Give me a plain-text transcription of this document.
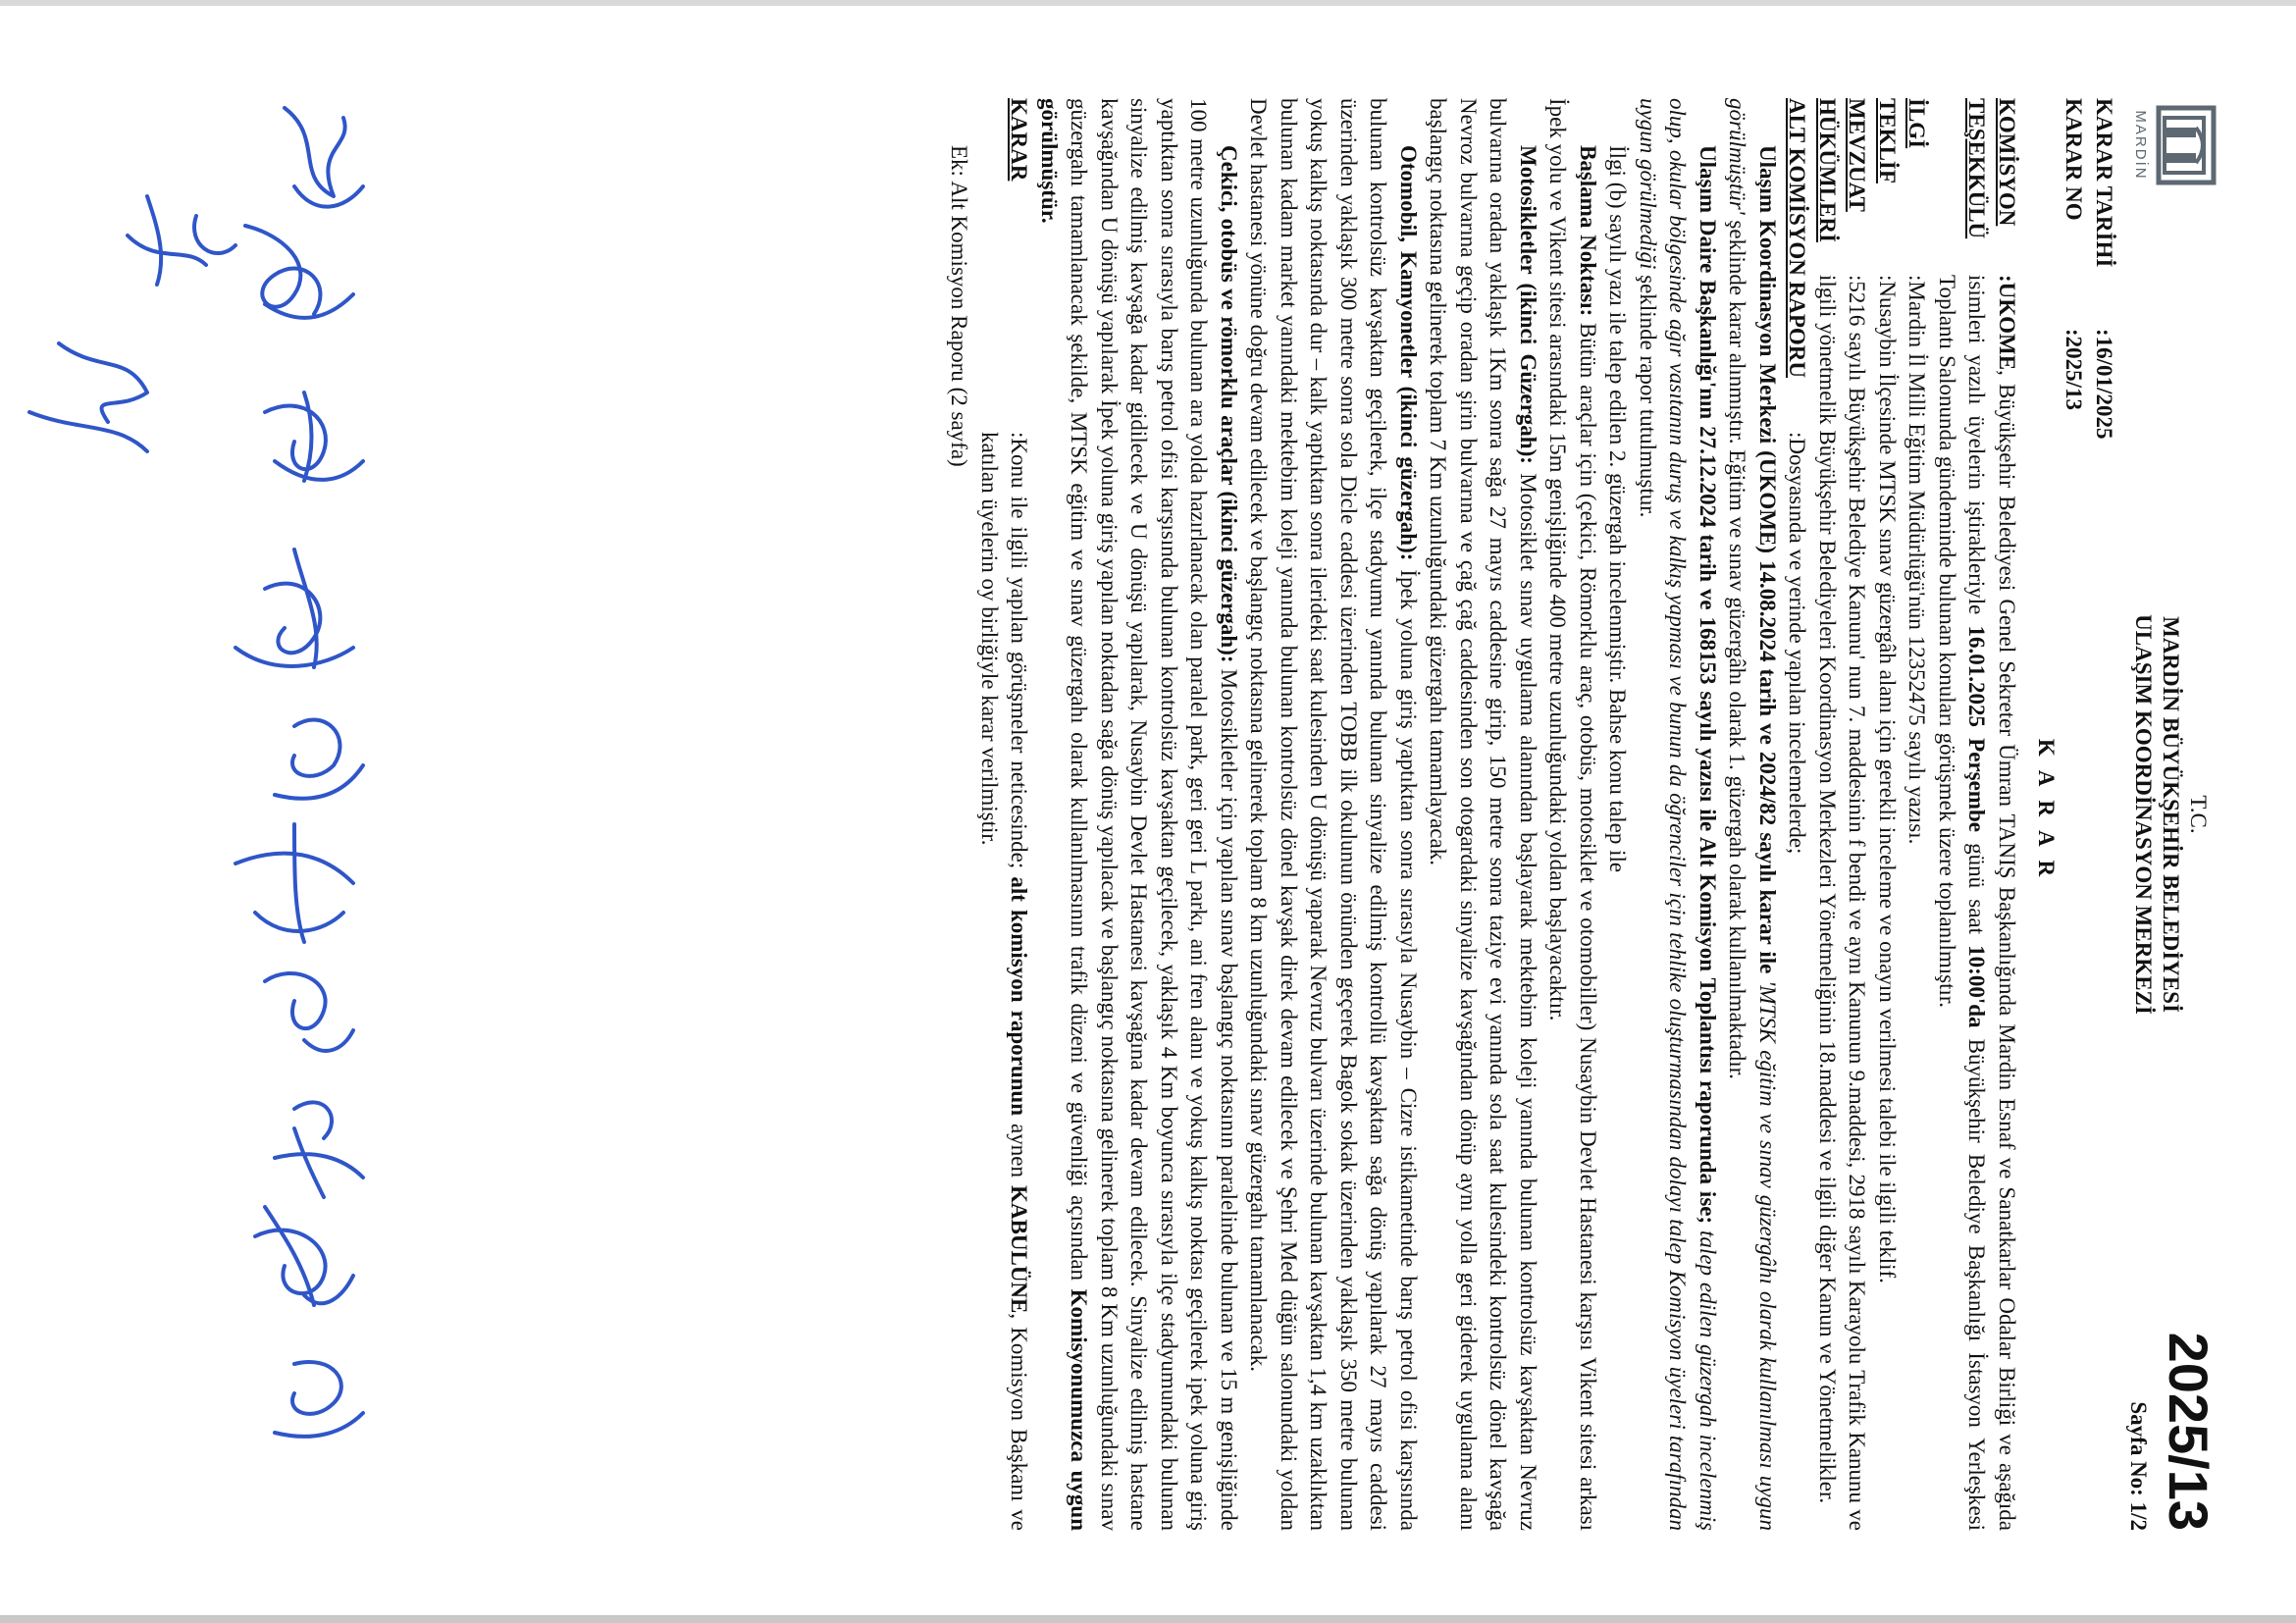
MARDİN
T.C.
MARDİN BÜYÜKŞEHİR BELEDİYESİ
ULAŞIM KOORDİNASYON MERKEZİ
2025/13
Sayfa No: 1/2
KARAR TARİHİ
:16/01/2025
KARAR NO
:2025/13
KARAR
KOMİSYON
TEŞEKKÜLÜ

:UKOME, Büyükşehir Belediyesi Genel Sekreter Ümran TANIŞ Başkanlığında Mardin Esnaf ve Sanatkarlar Odalar Birliği ve aşağıda isimleri yazılı üyelerin iştirakleriyle 16.01.2025 Perşembe günü saat 10:00'da Büyükşehir Belediye Başkanlığı İstasyon Yerleşkesi Toplantı Salonunda gündeminde bulunan konuları görüşmek üzere toplanılmıştır.

İLGİ

:Mardin İl Milli Eğitim Müdürlüğü'nün 12352475 sayılı yazısı.

TEKLİF

:Nusaybin İlçesinde MTSK sınav güzergâh alanı için gerekli inceleme ve onayın verilmesi talebi ile ilgili teklif.

MEVZUAT
HÜKÜMLERİ

:5216 sayılı Büyükşehir Belediye Kanunu' nun 7. maddesinin f bendi ve aynı Kanunun 9.maddesi, 2918 sayılı Karayolu Trafik Kanunu ve ilgili yönetmelik Büyükşehir Belediyeleri Koordinasyon Merkezleri Yönetmeliğinin 18.maddesi ve ilgili diğer Kanun ve Yönetmelikler.

ALT KOMİSYON RAPORU

:Dosyasında ve yerinde yapılan incelemelerde;

Ulaşım Koordinasyon Merkezi (UKOME) 14.08.2024 tarih ve 2024/82 sayılı karar ile 'MTSK eğitim ve sınav güzergâhı olarak kullanılması uygun görülmüştür' şeklinde karar alınmıştır. Eğitim ve sınav güzergâhı olarak 1. güzergah olarak kullanılmaktadır.

Ulaşım Daire Başkanlığı'nın 27.12.2024 tarih ve 168153 sayılı yazısı ile Alt Komisyon Toplantısı raporunda ise; talep edilen güzergah incelenmiş olup, okular bölgesinde ağır vasıtanın duruş ve kalkış yapması ve bunun da öğrenciler için tehlike oluşturmasından dolayı talep Komisyon üyeleri tarafından uygun görülmediği şeklinde rapor tutulmuştur.

İlgi (b) sayılı yazı ile talep edilen 2. güzergah incelenmiştir. Bahse konu talep ile

Başlama Noktası: Bütün araçlar için (çekici, Römorklu araç, otobüs, motosiklet ve otomobiller) Nusaybin Devlet Hastanesi karşısı Vikent sitesi arkası İpek yolu ve Vikent sitesi arasındaki 15m genişliğinde 400 metre uzunluğundaki yoldan başlayacaktır.

Motosikletler (ikinci Güzergah): Motosiklet sınav uygulama alanından başlayarak mektebim koleji yanında bulunan kontrolsüz kavşaktan Nevruz bulvarına oradan yaklaşık 1Km sonra sağa 27 mayıs caddesine girip, 150 metre sonra taziye evi yanında sola saat kulesindeki kontrolsüz dönel kavşağa Nevroz bulvarına geçip oradan şirin bulvarına ve çağ çağ caddesinden son otogardaki sinyalize kavşağından dönüp aynı yolla geri giderek uygulama alanı başlangıç noktasına gelinerek toplam 7 Km uzunluğundaki güzergahı tamamlayacak.

Otomobil, Kamyonetler (ikinci güzergah): İpek yoluna giriş yaptıktan sonra sırasıyla Nusaybin – Cizre istikametinde barış petrol ofisi karşısında bulunan kontrolsüz kavşaktan geçilerek, ilçe stadyumu yanında bulunan sinyalize edilmiş kontrollü kavşaktan sağa dönüş yapılarak 27 mayıs caddesi üzerinden yaklaşık 300 metre sonra sola Dicle caddesi üzerinden TOBB ilk okulunun önünden geçerek Bagok sokak üzerinden yaklaşık 350 metre bulunan yokuş kalkış noktasında dur – kalk yaptıktan sonra ilerideki saat kulesinden U dönüşü yaparak Nevruz bulvarı üzerinde bulunan kavşaktan 1,4 km uzaklıktan bulunan kadam market yanındaki mektebim koleji yanında bulunan kontrolsüz dönel kavşak direk devam edilecek ve Şehri Med düğün salonundaki yoldan Devlet hastanesi yönüne doğru devam edilecek ve başlangıç noktasına gelinerek toplam 8 km uzunluğundaki sınav güzergahı tamamlanacak.

Çekici, otobüs ve römorklu araçlar (ikinci güzergah): Motosikletler için yapılan sınav başlangıç noktasının paralelinde bulunan ve 15 m genişliğinde 100 metre uzunluğunda bulunan ara yolda hazırlanacak olan paralel park, geri geri L parkı, ani fren alanı ve yokuş kalkış noktası geçilerek ipek yoluna giriş yaptıktan sonra sırasıyla barış petrol ofisi karşısında bulunan kontrolsüz kavşaktan geçilecek, yaklaşık 4 Km boyunca sırasıyla ilçe stadyumundaki bulunan sinyalize edilmiş kavşağa kadar gidilecek ve U dönüşü yapılarak, Nusaybin Devlet Hastanesi kavşağına kadar devam edilecek. Sinyalize edilmiş hastane kavşağından U dönüşü yapılarak İpek yoluna giriş yapılan noktadan sağa dönüş yapılacak ve başlangıç noktasına gelinerek toplam 8 Km uzunluğundaki sınav güzergahı tamamlanacak şekilde, MTSK eğitim ve sınav güzergahı olarak kullanılmasının trafik düzeni ve güvenliği açısından Komisyonumuzca uygun görülmüştür.

KARAR

:Konu ile ilgili yapılan görüşmeler neticesinde; alt komisyon raporunun aynen KABULÜNE, Komisyon Başkanı ve katılan üyelerin oy birliğiyle karar verilmiştir.

Ek: Alt Komisyon Raporu (2 sayfa)
